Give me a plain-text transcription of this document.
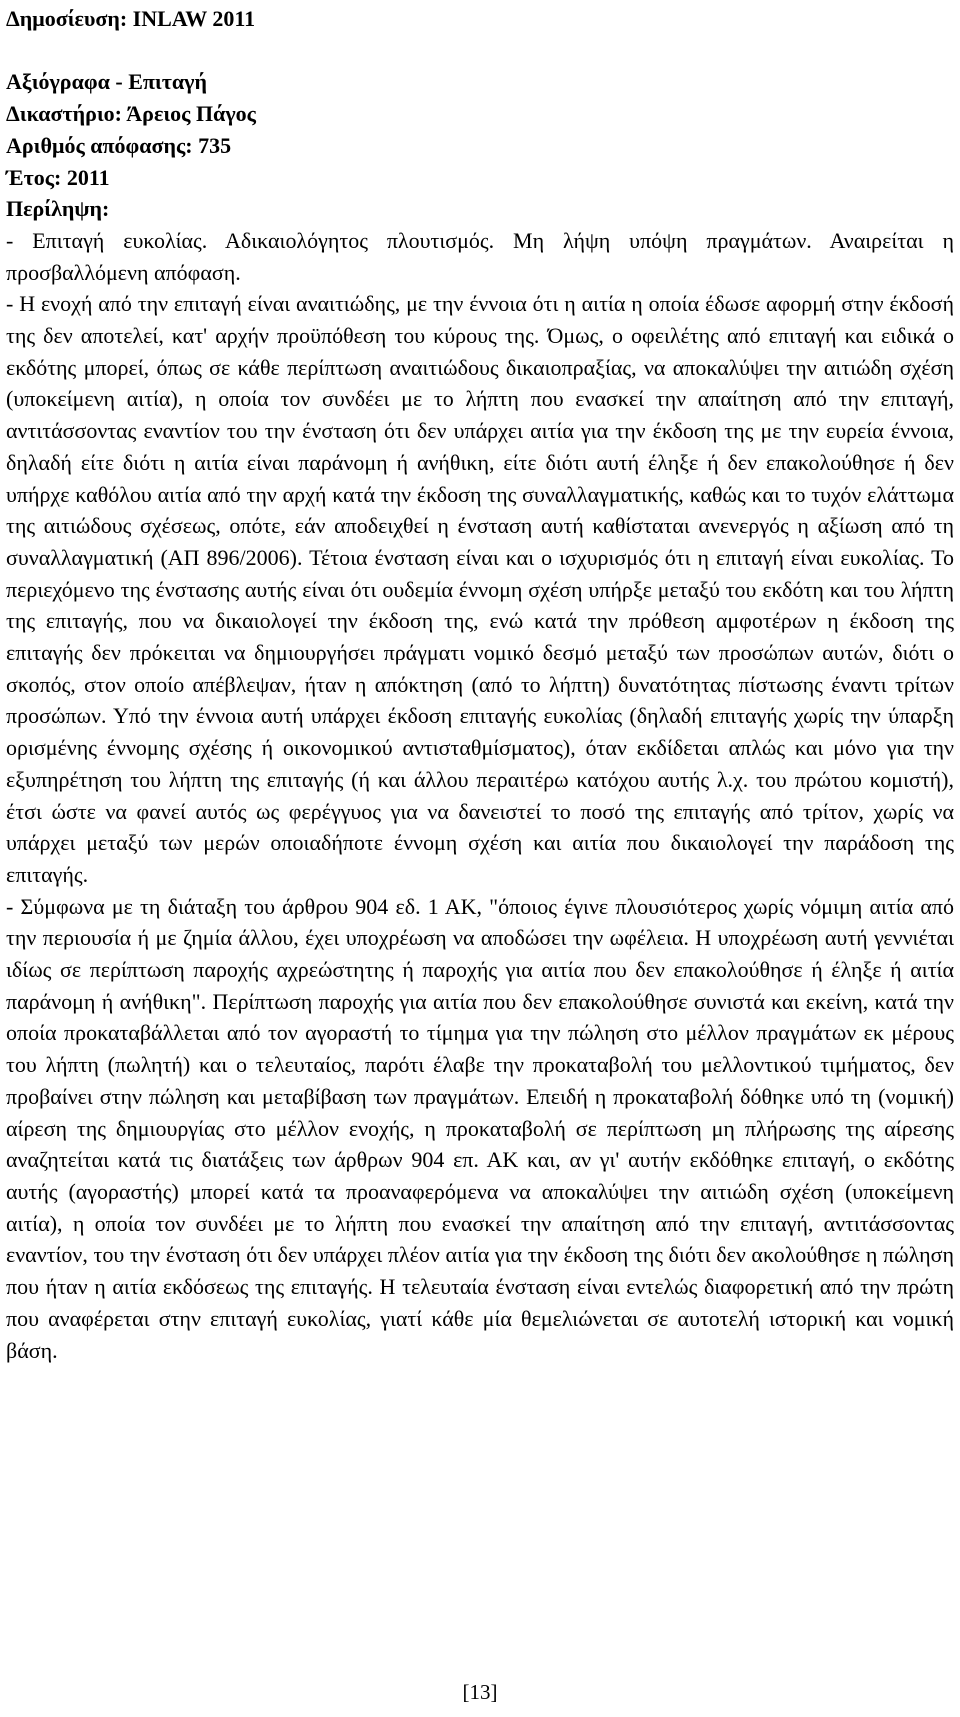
Δημοσίευση: INLAW 2011
Αξιόγραφα - Επιταγή
Δικαστήριο: Άρειος Πάγος
Αριθμός απόφασης: 735
Έτος: 2011
Περίληψη:

- Επιταγή ευκολίας. Αδικαιολόγητος πλουτισμός. Μη λήψη υπόψη πραγμάτων. Αναιρείται η προσβαλλόμενη απόφαση.

- Η ενοχή από την επιταγή είναι αναιτιώδης, με την έννοια ότι η αιτία η οποία έδωσε αφορμή στην έκδοσή της δεν αποτελεί, κατ' αρχήν προϋπόθεση του κύρους της. Όμως, ο οφειλέτης από επιταγή και ειδικά ο εκδότης μπορεί, όπως σε κάθε περίπτωση αναιτιώδους δικαιοπραξίας, να αποκαλύψει την αιτιώδη σχέση (υποκείμενη αιτία), η οποία τον συνδέει με το λήπτη που ενασκεί την απαίτηση από την επιταγή, αντιτάσσοντας εναντίον του την ένσταση ότι δεν υπάρχει αιτία για την έκδοση της με την ευρεία έννοια, δηλαδή είτε διότι η αιτία είναι παράνομη ή ανήθικη, είτε διότι αυτή έληξε ή δεν επακολούθησε ή δεν υπήρχε καθόλου αιτία από την αρχή κατά την έκδοση της συναλλαγματικής, καθώς και το τυχόν ελάττωμα της αιτιώδους σχέσεως, οπότε, εάν αποδειχθεί η ένσταση αυτή καθίσταται ανενεργός η αξίωση από τη συναλλαγματική (ΑΠ 896/2006). Τέτοια ένσταση είναι και ο ισχυρισμός ότι η επιταγή είναι ευκολίας. Το περιεχόμενο της ένστασης αυτής είναι ότι ουδεμία έννομη σχέση υπήρξε μεταξύ του εκδότη και του λήπτη της επιταγής, που να δικαιολογεί την έκδοση της, ενώ κατά την πρόθεση αμφοτέρων η έκδοση της επιταγής δεν πρόκειται να δημιουργήσει πράγματι νομικό δεσμό μεταξύ των προσώπων αυτών, διότι ο σκοπός, στον οποίο απέβλεψαν, ήταν η απόκτηση (από το λήπτη) δυνατότητας πίστωσης έναντι τρίτων προσώπων. Υπό την έννοια αυτή υπάρχει έκδοση επιταγής ευκολίας (δηλαδή επιταγής χωρίς την ύπαρξη ορισμένης έννομης σχέσης ή οικονομικού αντισταθμίσματος), όταν εκδίδεται απλώς και μόνο για την εξυπηρέτηση του λήπτη της επιταγής (ή και άλλου περαιτέρω κατόχου αυτής λ.χ. του πρώτου κομιστή), έτσι ώστε να φανεί αυτός ως φερέγγυος για να δανειστεί το ποσό της επιταγής από τρίτον, χωρίς να υπάρχει μεταξύ των μερών οποιαδήποτε έννομη σχέση και αιτία που δικαιολογεί την παράδοση της επιταγής.

- Σύμφωνα με τη διάταξη του άρθρου 904 εδ. 1 ΑΚ, "όποιος έγινε πλουσιότερος χωρίς νόμιμη αιτία από την περιουσία ή με ζημία άλλου, έχει υποχρέωση να αποδώσει την ωφέλεια. Η υποχρέωση αυτή γεννιέται ιδίως σε περίπτωση παροχής αχρεώστητης ή παροχής για αιτία που δεν επακολούθησε ή έληξε ή αιτία παράνομη ή ανήθικη". Περίπτωση παροχής για αιτία που δεν επακολούθησε συνιστά και εκείνη, κατά την οποία προκαταβάλλεται από τον αγοραστή το τίμημα για την πώληση στο μέλλον πραγμάτων εκ μέρους του λήπτη (πωλητή) και ο τελευταίος, παρότι έλαβε την προκαταβολή του μελλοντικού τιμήματος, δεν προβαίνει στην πώληση και μεταβίβαση των πραγμάτων. Επειδή η προκαταβολή δόθηκε υπό τη (νομική) αίρεση της δημιουργίας στο μέλλον ενοχής, η προκαταβολή σε περίπτωση μη πλήρωσης της αίρεσης αναζητείται κατά τις διατάξεις των άρθρων 904 επ. ΑΚ και, αν γι' αυτήν εκδόθηκε επιταγή, ο εκδότης αυτής (αγοραστής) μπορεί κατά τα προαναφερόμενα να αποκαλύψει την αιτιώδη σχέση (υποκείμενη αιτία), η οποία τον συνδέει με το λήπτη που ενασκεί την απαίτηση από την επιταγή, αντιτάσσοντας εναντίον, του την ένσταση ότι δεν υπάρχει πλέον αιτία για την έκδοση της διότι δεν ακολούθησε η πώληση που ήταν η αιτία εκδόσεως της επιταγής. Η τελευταία ένσταση είναι εντελώς διαφορετική από την πρώτη που αναφέρεται στην επιταγή ευκολίας, γιατί κάθε μία θεμελιώνεται σε αυτοτελή ιστορική και νομική βάση.

[13]
